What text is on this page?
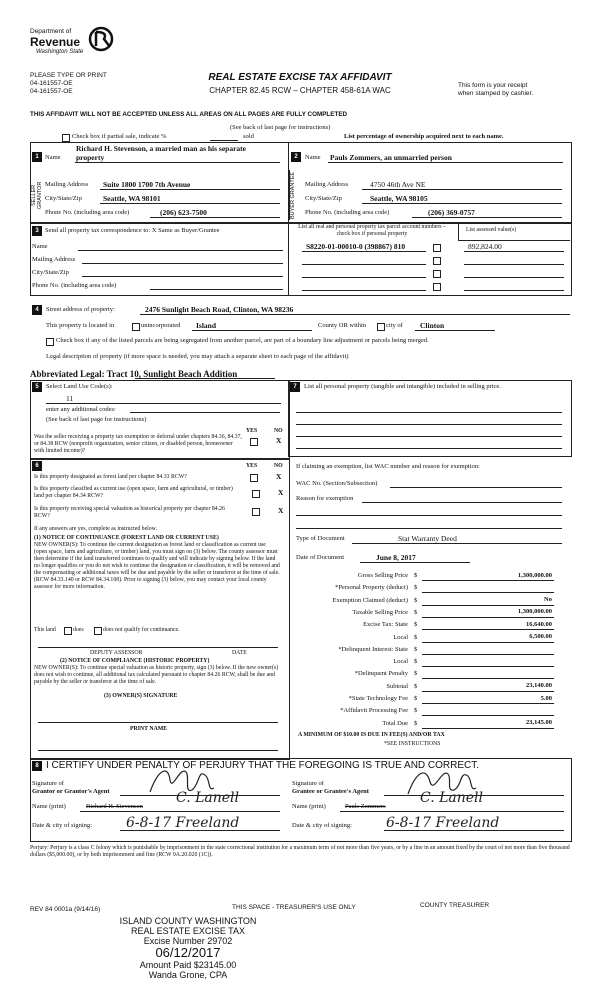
Department of
Revenue
Washington State
PLEASE TYPE OR PRINT
04-161557-OE
04-161557-OE
REAL ESTATE EXCISE TAX AFFIDAVIT
CHAPTER 82.45 RCW – CHAPTER 458-61A WAC
This form is your receipt
when stamped by cashier.
THIS AFFIDAVIT WILL NOT BE ACCEPTED UNLESS ALL AREAS ON ALL PAGES ARE FULLY COMPLETED
(See back of last page for instructions)
Check box if partial sale, indicate %	sold	List percentage of ownership acquired next to each name.
1
Richard H. Stevenson, a married man as his separate
Name property
SELLER GRANTOR Mailing Address Suite 1800 1700 7th Avenue
City/State/Zip	Seattle, WA 98101
Phone No. (including area code)	(206) 623-7500
2	Name Pauls Zommers, an unmarried person
BUYER GRANTEE	Mailing Address	4750 46th Ave NE
City/State/Zip	Seattle, WA 98105
Phone No. (including area code)	(206) 369-0757
3 Send all property tax correspondence to: X Same as Buyer/Grantee
Name
Mailing Address
City/State/Zip
Phone No. (including area code)
List all real and personal property tax parcel account numbers – check box if personal property
List assessed value(s)
S8220-01-00010-0 (398867) 810	892,824.00
4	Street address of property:	2476 Sunlight Beach Road, Clinton, WA 98236
This property is located in	unincorporated Island	County OR within	city of Clinton
Check box if any of the listed parcels are being segregated from another parcel, are part of a boundary line adjustment or parcels being merged.
Legal description of property (if more space is needed, you may attach a separate sheet to each page of the affidavit)
Abbreviated Legal: Tract 10, Sunlight Beach Addition
5	Select Land Use Code(s):
11
enter any additional codes:
(See back of last page for instructions)
YES	NO
Was the seller receiving a property tax exemption or deferral under chapters 84.36, 84.37, or 84.38 RCW (nonprofit organization, senior citizen, or disabled person, homeowner with limited income)?
X
6	YES	NO
Is this property designated as forest land per chapter 84.33 RCW?	X
Is this property classified as current use (open space, farm and agricultural, or timber) land per chapter 84.34 RCW?	X
Is this property receiving special valuation as historical property per chapter 84.26 RCW?
X
If any answers are yes, complete as instructed below.
(1) NOTICE OF CONTINUANCE (FOREST LAND OR CURRENT USE)
NEW OWNER(S): To continue the current designation as forest land or classification as current use (open space, farm and agriculture, or timber) land, you must sign on (3) below. The county assessor must then determine if the land transferred continues to qualify and will indicate by signing below. If the land no longer qualifies or you do not wish to continue the designation or classification, it will be removed and the compensating or additional taxes will be due and payable by the seller or transferor at the time of sale. (RCW 84.33.140 or RCW 84.34.108). Prior to signing (3) below, you may contact your local county assessor for more information.
This land	does	does not qualify for continuance.
DEPUTY ASSESSOR	DATE
(2) NOTICE OF COMPLIANCE (HISTORIC PROPERTY)
NEW OWNER(S): To continue special valuation as historic property, sign (3) below. If the new owner(s) does not wish to continue, all additional tax calculated pursuant to chapter 84.26 RCW, shall be due and payable by the seller or transferor at the time of sale.
(3) OWNER(S) SIGNATURE
PRINT NAME
7	List all personal property (tangible and intangible) included in selling price.
If claiming an exemption, list WAC number and reason for exemption:
WAC No. (Section/Subsection)
Reason for exemption
Type of Document	Stat Warranty Deed
Date of Document	June 8, 2017
Gross Selling Price $	1,300,000.00
*Personal Property (deduct) $
Exemption Claimed (deduct) $	No
Taxable Selling Price $	1,300,000.00
Excise Tax: State $	16,640.00
Local $	6,500.00
*Delinquent Interest: State $
Local $
*Delinquent Penalty $
Subtotal $	23,140.00
*State Technology Fee $	5.00
*Affidavit Processing Fee $
Total Due $	23,145.00
A MINIMUM OF $10.00 IS DUE IN FEE(S) AND/OR TAX
*SEE INSTRUCTIONS
8 I CERTIFY UNDER PENALTY OF PERJURY THAT THE FOREGOING IS TRUE AND CORRECT.
Signature of
Grantor or Grantor's Agent
Name (print)	Richard H. Stevenson
Date & city of signing:
Signature of
Grantee or Grantee's Agent
Name (print)	Pauls Zommers
Date & city of signing:
C. Lanell
6-8-17 Freeland
C. Lanell
6-8-17 Freeland
Perjury: Perjury is a class C felony which is punishable by imprisonment in the state correctional institution for a maximum term of not more than five years, or by a fine in an amount fixed by the court of not more than five thousand dollars ($5,000.00), or by both imprisonment and fine (RCW 9A.20.020 (1C)).
REV 84 0001a (9/14/16)	THIS SPACE - TREASURER'S USE ONLY	COUNTY TREASURER
ISLAND COUNTY WASHINGTON
REAL ESTATE EXCISE TAX
Excise Number 29702
06/12/2017
Amount Paid $23145.00
Wanda Grone, CPA
